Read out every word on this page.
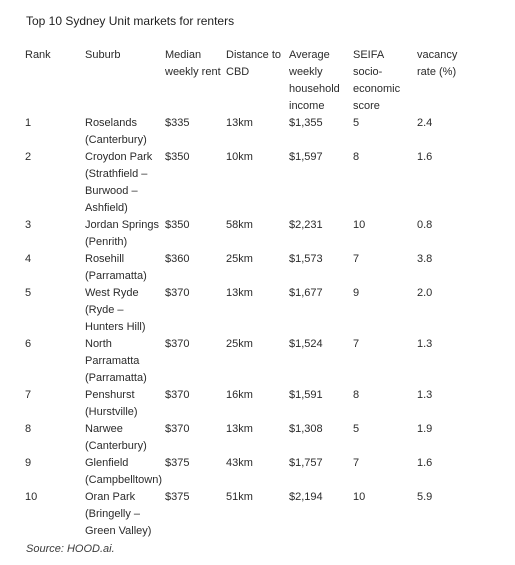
Top 10 Sydney Unit markets for renters
Rank	Suburb	Median
weekly rent	Distance to
CBD	Average
weekly
household
income	SEIFA socio-
economic
score	vacancy
rate (%)
1	Roselands
(Canterbury)	$335	13km	$1,355	5	2.4
2	Croydon Park
(Strathfield –
Burwood –
Ashfield)	$350	10km	$1,597	8	1.6
3	Jordan Springs
(Penrith)	$350	58km	$2,231	10	0.8
4	Rosehill
(Parramatta)	$360	25km	$1,573	7	3.8
5	West Ryde
(Ryde –
Hunters Hill)	$370	13km	$1,677	9	2.0
6	North
Parramatta
(Parramatta)	$370	25km	$1,524	7	1.3
7	Penshurst
(Hurstville)	$370	16km	$1,591	8	1.3
8	Narwee
(Canterbury)	$370	13km	$1,308	5	1.9
9	Glenfield
(Campbelltown)	$375	43km	$1,757	7	1.6
10	Oran Park
(Bringelly –
Green Valley)	$375	51km	$2,194	10	5.9
Source: HOOD.ai.
